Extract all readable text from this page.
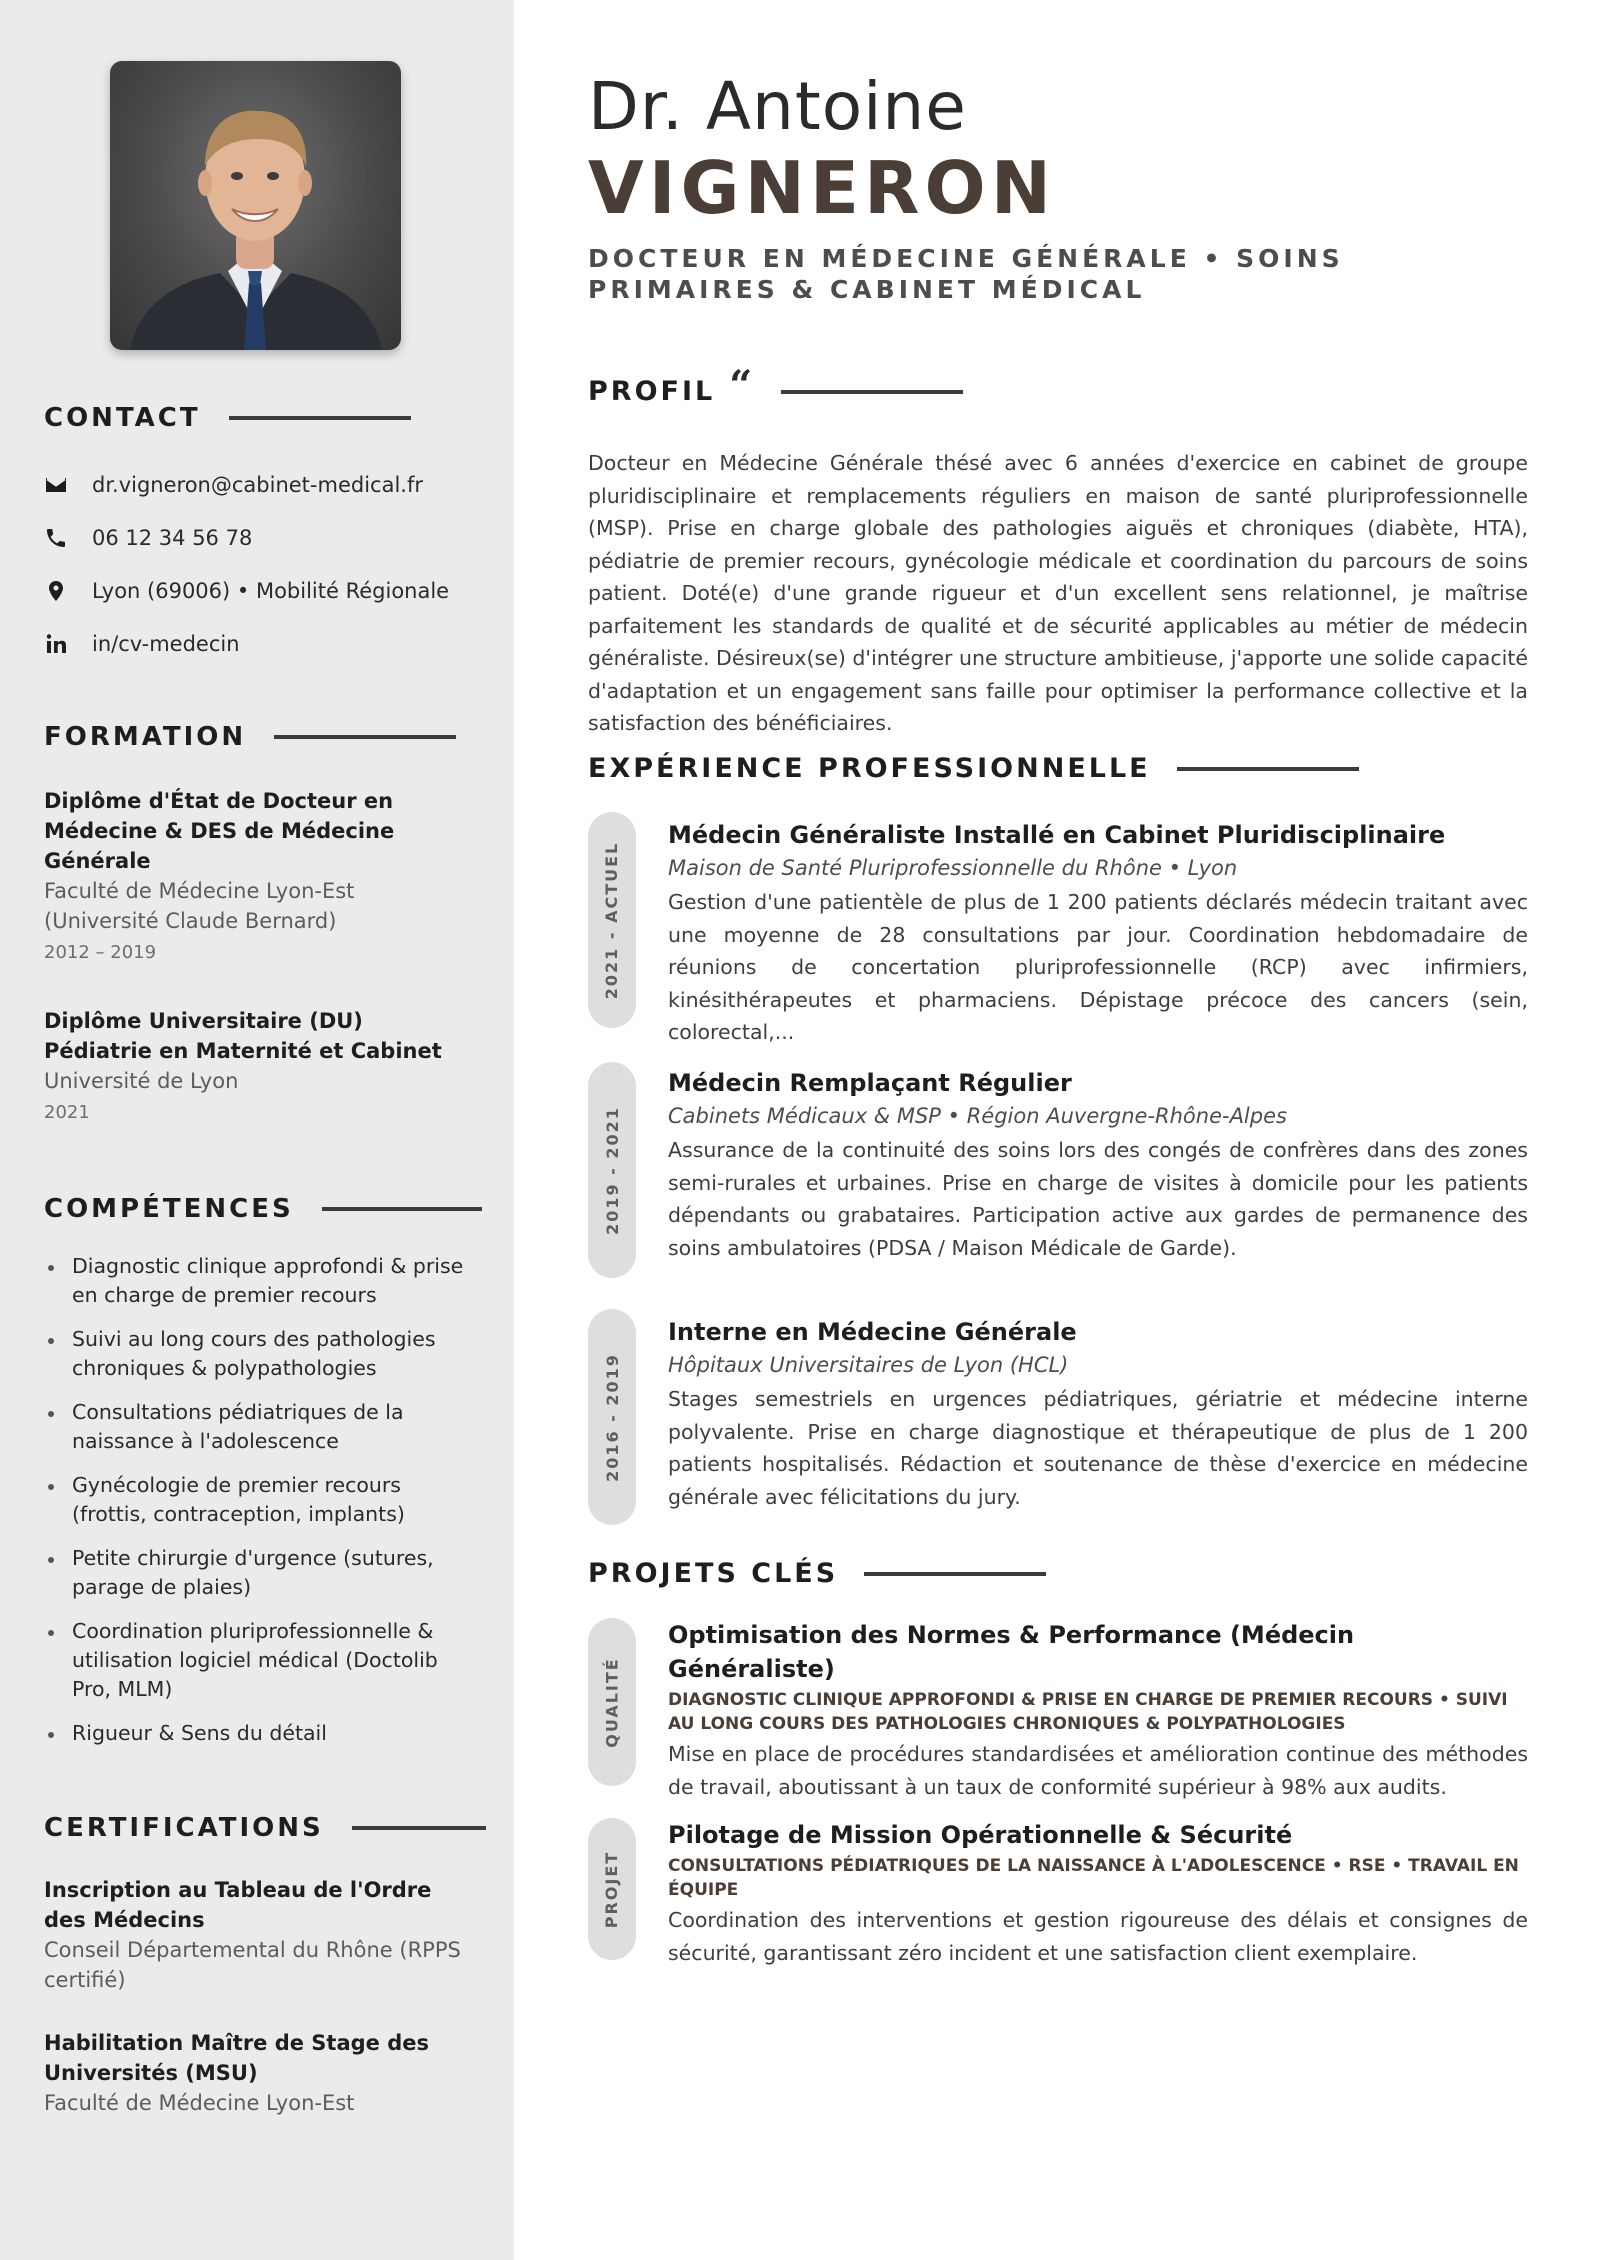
CONTACT
dr.vigneron@cabinet-medical.fr
06 12 34 56 78
Lyon (69006) • Mobilité Régionale
in/cv-medecin
FORMATION
Diplôme d'État de Docteur en Médecine & DES de Médecine Générale
Faculté de Médecine Lyon-Est (Université Claude Bernard)
2012 – 2019
Diplôme Universitaire (DU) Pédiatrie en Maternité et Cabinet
Université de Lyon
2021
COMPÉTENCES
Diagnostic clinique approfondi & prise en charge de premier recours
Suivi au long cours des pathologies chroniques & polypathologies
Consultations pédiatriques de la naissance à l'adolescence
Gynécologie de premier recours (frottis, contraception, implants)
Petite chirurgie d'urgence (sutures, parage de plaies)
Coordination pluriprofessionnelle & utilisation logiciel médical (Doctolib Pro, MLM)
Rigueur & Sens du détail
CERTIFICATIONS
Inscription au Tableau de l'Ordre des Médecins
Conseil Départemental du Rhône (RPPS certifié)
Habilitation Maître de Stage des Universités (MSU)
Faculté de Médecine Lyon-Est
Dr. Antoine
VIGNERON
DOCTEUR EN MÉDECINE GÉNÉRALE • SOINS PRIMAIRES & CABINET MÉDICAL
PROFIL “

Docteur en Médecine Générale thésé avec 6 années d'exercice en cabinet de groupe pluridisciplinaire et remplacements réguliers en maison de santé pluriprofessionnelle (MSP). Prise en charge globale des pathologies aiguës et chroniques (diabète, HTA), pédiatrie de premier recours, gynécologie médicale et coordination du parcours de soins patient. Doté(e) d'une grande rigueur et d'un excellent sens relationnel, je maîtrise parfaitement les standards de qualité et de sécurité applicables au métier de médecin généraliste. Désireux(se) d'intégrer une structure ambitieuse, j'apporte une solide capacité d'adaptation et un engagement sans faille pour optimiser la performance collective et la satisfaction des bénéficiaires.

EXPÉRIENCE PROFESSIONNELLE
2021 - ACTUEL
Médecin Généraliste Installé en Cabinet Pluridisciplinaire
Maison de Santé Pluriprofessionnelle du Rhône • Lyon
Gestion d'une patientèle de plus de 1 200 patients déclarés médecin traitant avec une moyenne de 28 consultations par jour. Coordination hebdomadaire de réunions de concertation pluriprofessionnelle (RCP) avec infirmiers, kinésithérapeutes et pharmaciens. Dépistage précoce des cancers (sein, colorectal,...
2019 - 2021
Médecin Remplaçant Régulier
Cabinets Médicaux & MSP • Région Auvergne-Rhône-Alpes
Assurance de la continuité des soins lors des congés de confrères dans des zones semi-rurales et urbaines. Prise en charge de visites à domicile pour les patients dépendants ou grabataires. Participation active aux gardes de permanence des soins ambulatoires (PDSA / Maison Médicale de Garde).
2016 - 2019
Interne en Médecine Générale
Hôpitaux Universitaires de Lyon (HCL)
Stages semestriels en urgences pédiatriques, gériatrie et médecine interne polyvalente. Prise en charge diagnostique et thérapeutique de plus de 1 200 patients hospitalisés. Rédaction et soutenance de thèse d'exercice en médecine générale avec félicitations du jury.
PROJETS CLÉS
QUALITÉ
Optimisation des Normes & Performance (Médecin Généraliste)
DIAGNOSTIC CLINIQUE APPROFONDI & PRISE EN CHARGE DE PREMIER RECOURS • SUIVI AU LONG COURS DES PATHOLOGIES CHRONIQUES & POLYPATHOLOGIES
Mise en place de procédures standardisées et amélioration continue des méthodes de travail, aboutissant à un taux de conformité supérieur à 98% aux audits.
PROJET
Pilotage de Mission Opérationnelle & Sécurité
CONSULTATIONS PÉDIATRIQUES DE LA NAISSANCE À L'ADOLESCENCE • RSE • TRAVAIL EN ÉQUIPE
Coordination des interventions et gestion rigoureuse des délais et consignes de sécurité, garantissant zéro incident et une satisfaction client exemplaire.
